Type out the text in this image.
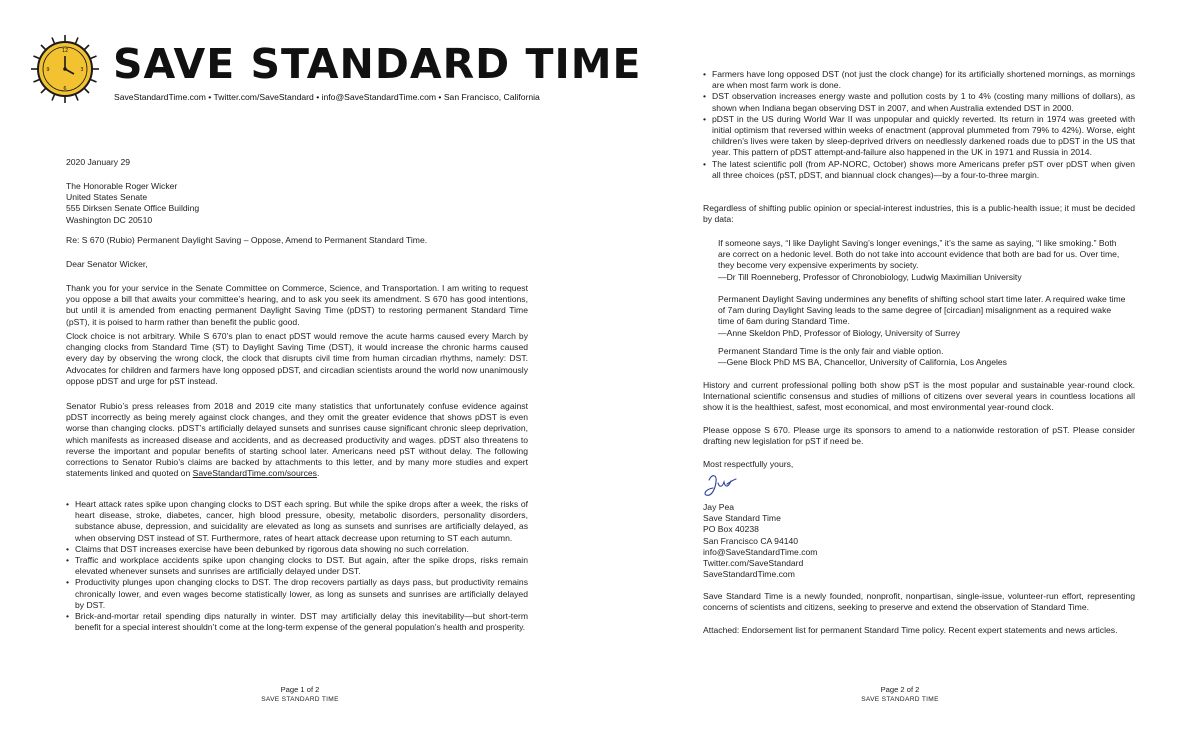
12
3
6
9 SAVE STANDARD TIME
SaveStandardTime.com • Twitter.com/SaveStandard • info@SaveStandardTime.com • San Francisco, California
2020 January 29
The Honorable Roger Wicker
United States Senate
555 Dirksen Senate Office Building
Washington DC 20510
Re: S 670 (Rubio) Permanent Daylight Saving – Oppose, Amend to Permanent Standard Time.
Dear Senator Wicker,

Thank you for your service in the Senate Committee on Commerce, Science, and Transportation. I am writing to request you oppose a bill that awaits your committee’s hearing, and to ask you seek its amendment. S 670 has good intentions, but until it is amended from enacting permanent Daylight Saving Time (pDST) to restoring permanent Standard Time (pST), it is poised to harm rather than benefit the public good.

Clock choice is not arbitrary. While S 670’s plan to enact pDST would remove the acute harms caused every March by changing clocks from Standard Time (ST) to Daylight Saving Time (DST), it would increase the chronic harms caused every day by observing the wrong clock, the clock that disrupts civil time from human circadian rhythms, namely: DST. Advocates for children and farmers have long opposed pDST, and circadian scientists around the world now unanimously oppose pDST and urge for pST instead.

Senator Rubio’s press releases from 2018 and 2019 cite many statistics that unfortunately confuse evidence against pDST incorrectly as being merely against clock changes, and they omit the greater evidence that shows pDST is even worse than changing clocks. pDST’s artificially delayed sunsets and sunrises cause significant chronic sleep deprivation, which manifests as increased disease and accidents, and as decreased productivity and wages. pDST also threatens to reverse the important and popular benefits of starting school later. Americans need pST without delay. The following corrections to Senator Rubio’s claims are backed by attachments to this letter, and by many more studies and expert statements linked and quoted on SaveStandardTime.com/sources.

• Heart attack rates spike upon changing clocks to DST each spring. But while the spike drops after a week, the risks of heart disease, stroke, diabetes, cancer, high blood pressure, obesity, metabolic disorders, personality disorders, substance abuse, depression, and suicidality are elevated as long as sunsets and sunrises are artificially delayed, as when observing DST instead of ST. Furthermore, rates of heart attack decrease upon returning to ST each autumn.
• Claims that DST increases exercise have been debunked by rigorous data showing no such correlation.
• Traffic and workplace accidents spike upon changing clocks to DST. But again, after the spike drops, risks remain elevated whenever sunsets and sunrises are artificially delayed under DST.
• Productivity plunges upon changing clocks to DST. The drop recovers partially as days pass, but productivity remains chronically lower, and even wages become statistically lower, as long as sunsets and sunrises are artificially delayed by DST.
• Brick-and-mortar retail spending dips naturally in winter. DST may artificially delay this inevitability—but short-term benefit for a special interest shouldn’t come at the long-term expense of the general population’s health and prosperity.
Page 1 of 2
SAVE STANDARD TIME
Page 2 of 2
SAVE STANDARD TIME
• Farmers have long opposed DST (not just the clock change) for its artificially shortened mornings, as mornings are when most farm work is done.
• DST observation increases energy waste and pollution costs by 1 to 4% (costing many millions of dollars), as shown when Indiana began observing DST in 2007, and when Australia extended DST in 2000.
• pDST in the US during World War II was unpopular and quickly reverted. Its return in 1974 was greeted with initial optimism that reversed within weeks of enactment (approval plummeted from 79% to 42%). Worse, eight children’s lives were taken by sleep-deprived drivers on needlessly darkened roads due to pDST in the US that year. This pattern of pDST attempt-and-failure also happened in the UK in 1971 and Russia in 2014.
• The latest scientific poll (from AP-NORC, October) shows more Americans prefer pST over pDST when given all three choices (pST, pDST, and biannual clock changes)—by a four-to-three margin.

Regardless of shifting public opinion or special-interest industries, this is a public-health issue; it must be decided by data:

If someone says, “I like Daylight Saving’s longer evenings,” it’s the same as saying, “I like smoking.” Both are correct on a hedonic level. Both do not take into account evidence that both are bad for us. Over time, they become very expensive experiments by society.
—Dr Till Roenneberg, Professor of Chronobiology, Ludwig Maximilian University
Permanent Daylight Saving undermines any benefits of shifting school start time later. A required wake time of 7am during Daylight Saving leads to the same degree of [circadian] misalignment as a required wake time of 6am during Standard Time.
—Anne Skeldon PhD, Professor of Biology, University of Surrey
Permanent Standard Time is the only fair and viable option.
—Gene Block PhD MS BA, Chancellor, University of California, Los Angeles

History and current professional polling both show pST is the most popular and sustainable year-round clock. International scientific consensus and studies of millions of citizens over several years in countless locations all show it is the healthiest, safest, most economical, and most environmental year-round clock.

Please oppose S 670. Please urge its sponsors to amend to a nationwide restoration of pST. Please consider drafting new legislation for pST if need be.

Most respectfully yours,
Jay Pea
Save Standard Time
PO Box 40238
San Francisco CA 94140
info@SaveStandardTime.com
Twitter.com/SaveStandard
SaveStandardTime.com

Save Standard Time is a newly founded, nonprofit, nonpartisan, single-issue, volunteer-run effort, representing concerns of scientists and citizens, seeking to preserve and extend the observation of Standard Time.

Attached: Endorsement list for permanent Standard Time policy. Recent expert statements and news articles.
